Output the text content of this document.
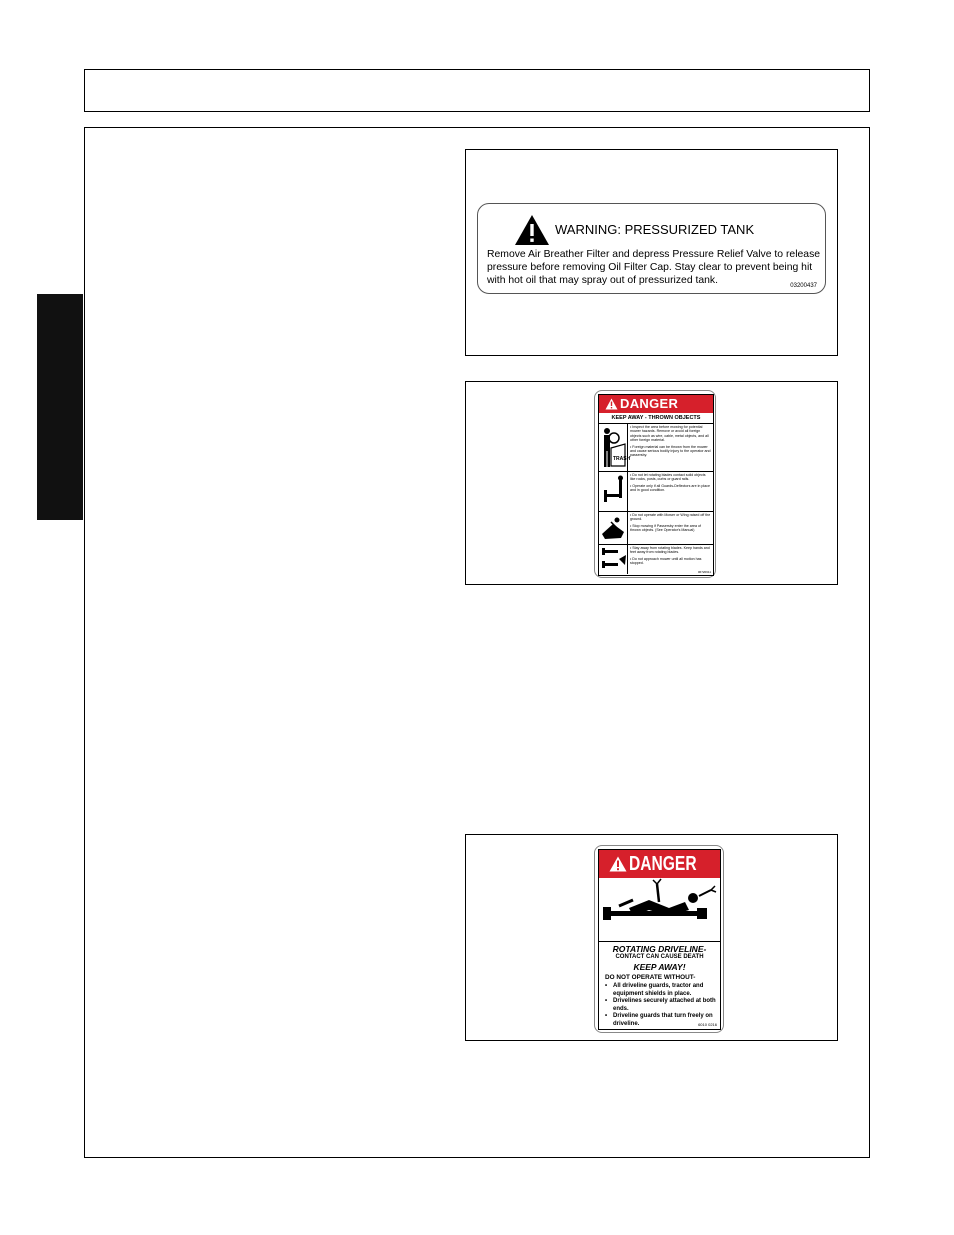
WARNING: PRESSURIZED TANK
Remove Air Breather Filter and depress Pressure Relief Valve to release pressure before removing Oil Filter Cap. Stay clear to prevent being hit with hot oil that may spray out of pressurized tank.	03200437
DANGER
KEEP AWAY - THROWN OBJECTS
TRASH
• Inspect the area before mowing for potential mower hazards. Remove or avoid all foreign objects such as wire, cable, metal objects, and all other foreign material.
• Foreign material can be thrown from the mower and cause serious bodily injury to the operator and passersby.
• Do not let rotating blades contact solid objects like rocks, posts, curbs or guard rails.
• Operate only if all Guards-Deflectors are in place and in good condition.
• Do not operate with Mower or Wing raised off the ground.
• Stop mowing if Passersby enter the area of thrown objects. (See Operator's Manual)
• Stay away from rotating blades. Keep hands and feet away from rotating blades.
• Do not approach mower until all motion has stopped.
06720611
DANGER
ROTATING DRIVELINE-
CONTACT CAN CAUSE DEATH
KEEP AWAY!
DO NOT OPERATE WITHOUT-
• All driveline guards, tractor and equipment shields in place.
• Drivelines securely attached at both ends.
• Driveline guards that turn freely on driveline.	6010 0216
